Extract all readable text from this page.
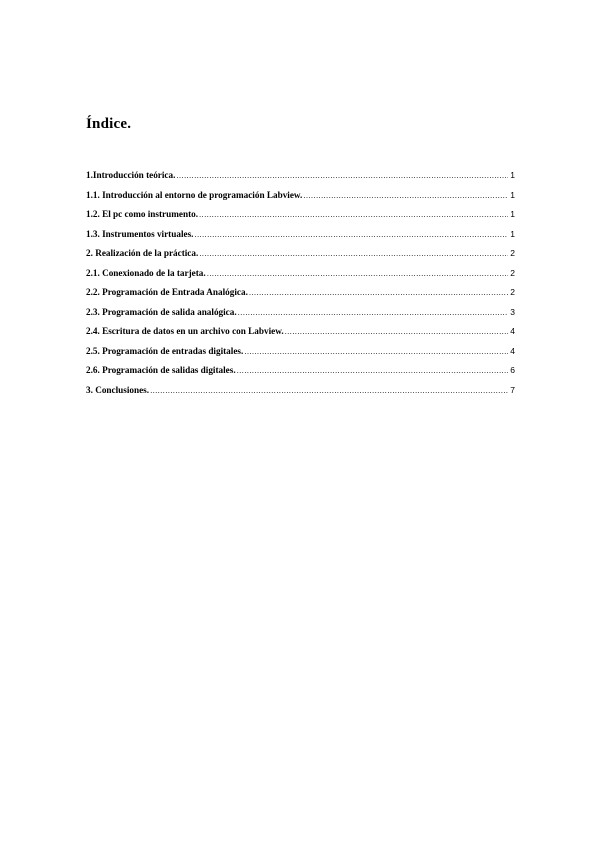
Índice.
1.Introducción teórica. .....	1
1.1. Introducción al entorno de programación Labview. .....	1
1.2. El pc como instrumento. .....	1
1.3. Instrumentos virtuales. .....	1
2. Realización de la práctica. .....	2
2.1. Conexionado de la tarjeta. .....	2
2.2. Programación de Entrada Analógica. .....	2
2.3. Programación de salida analógica. .....	3
2.4. Escritura de datos en un archivo con Labview. .....	4
2.5. Programación de entradas digitales. .....	4
2.6. Programación de salidas digitales. .....	6
3. Conclusiones. .....	7
